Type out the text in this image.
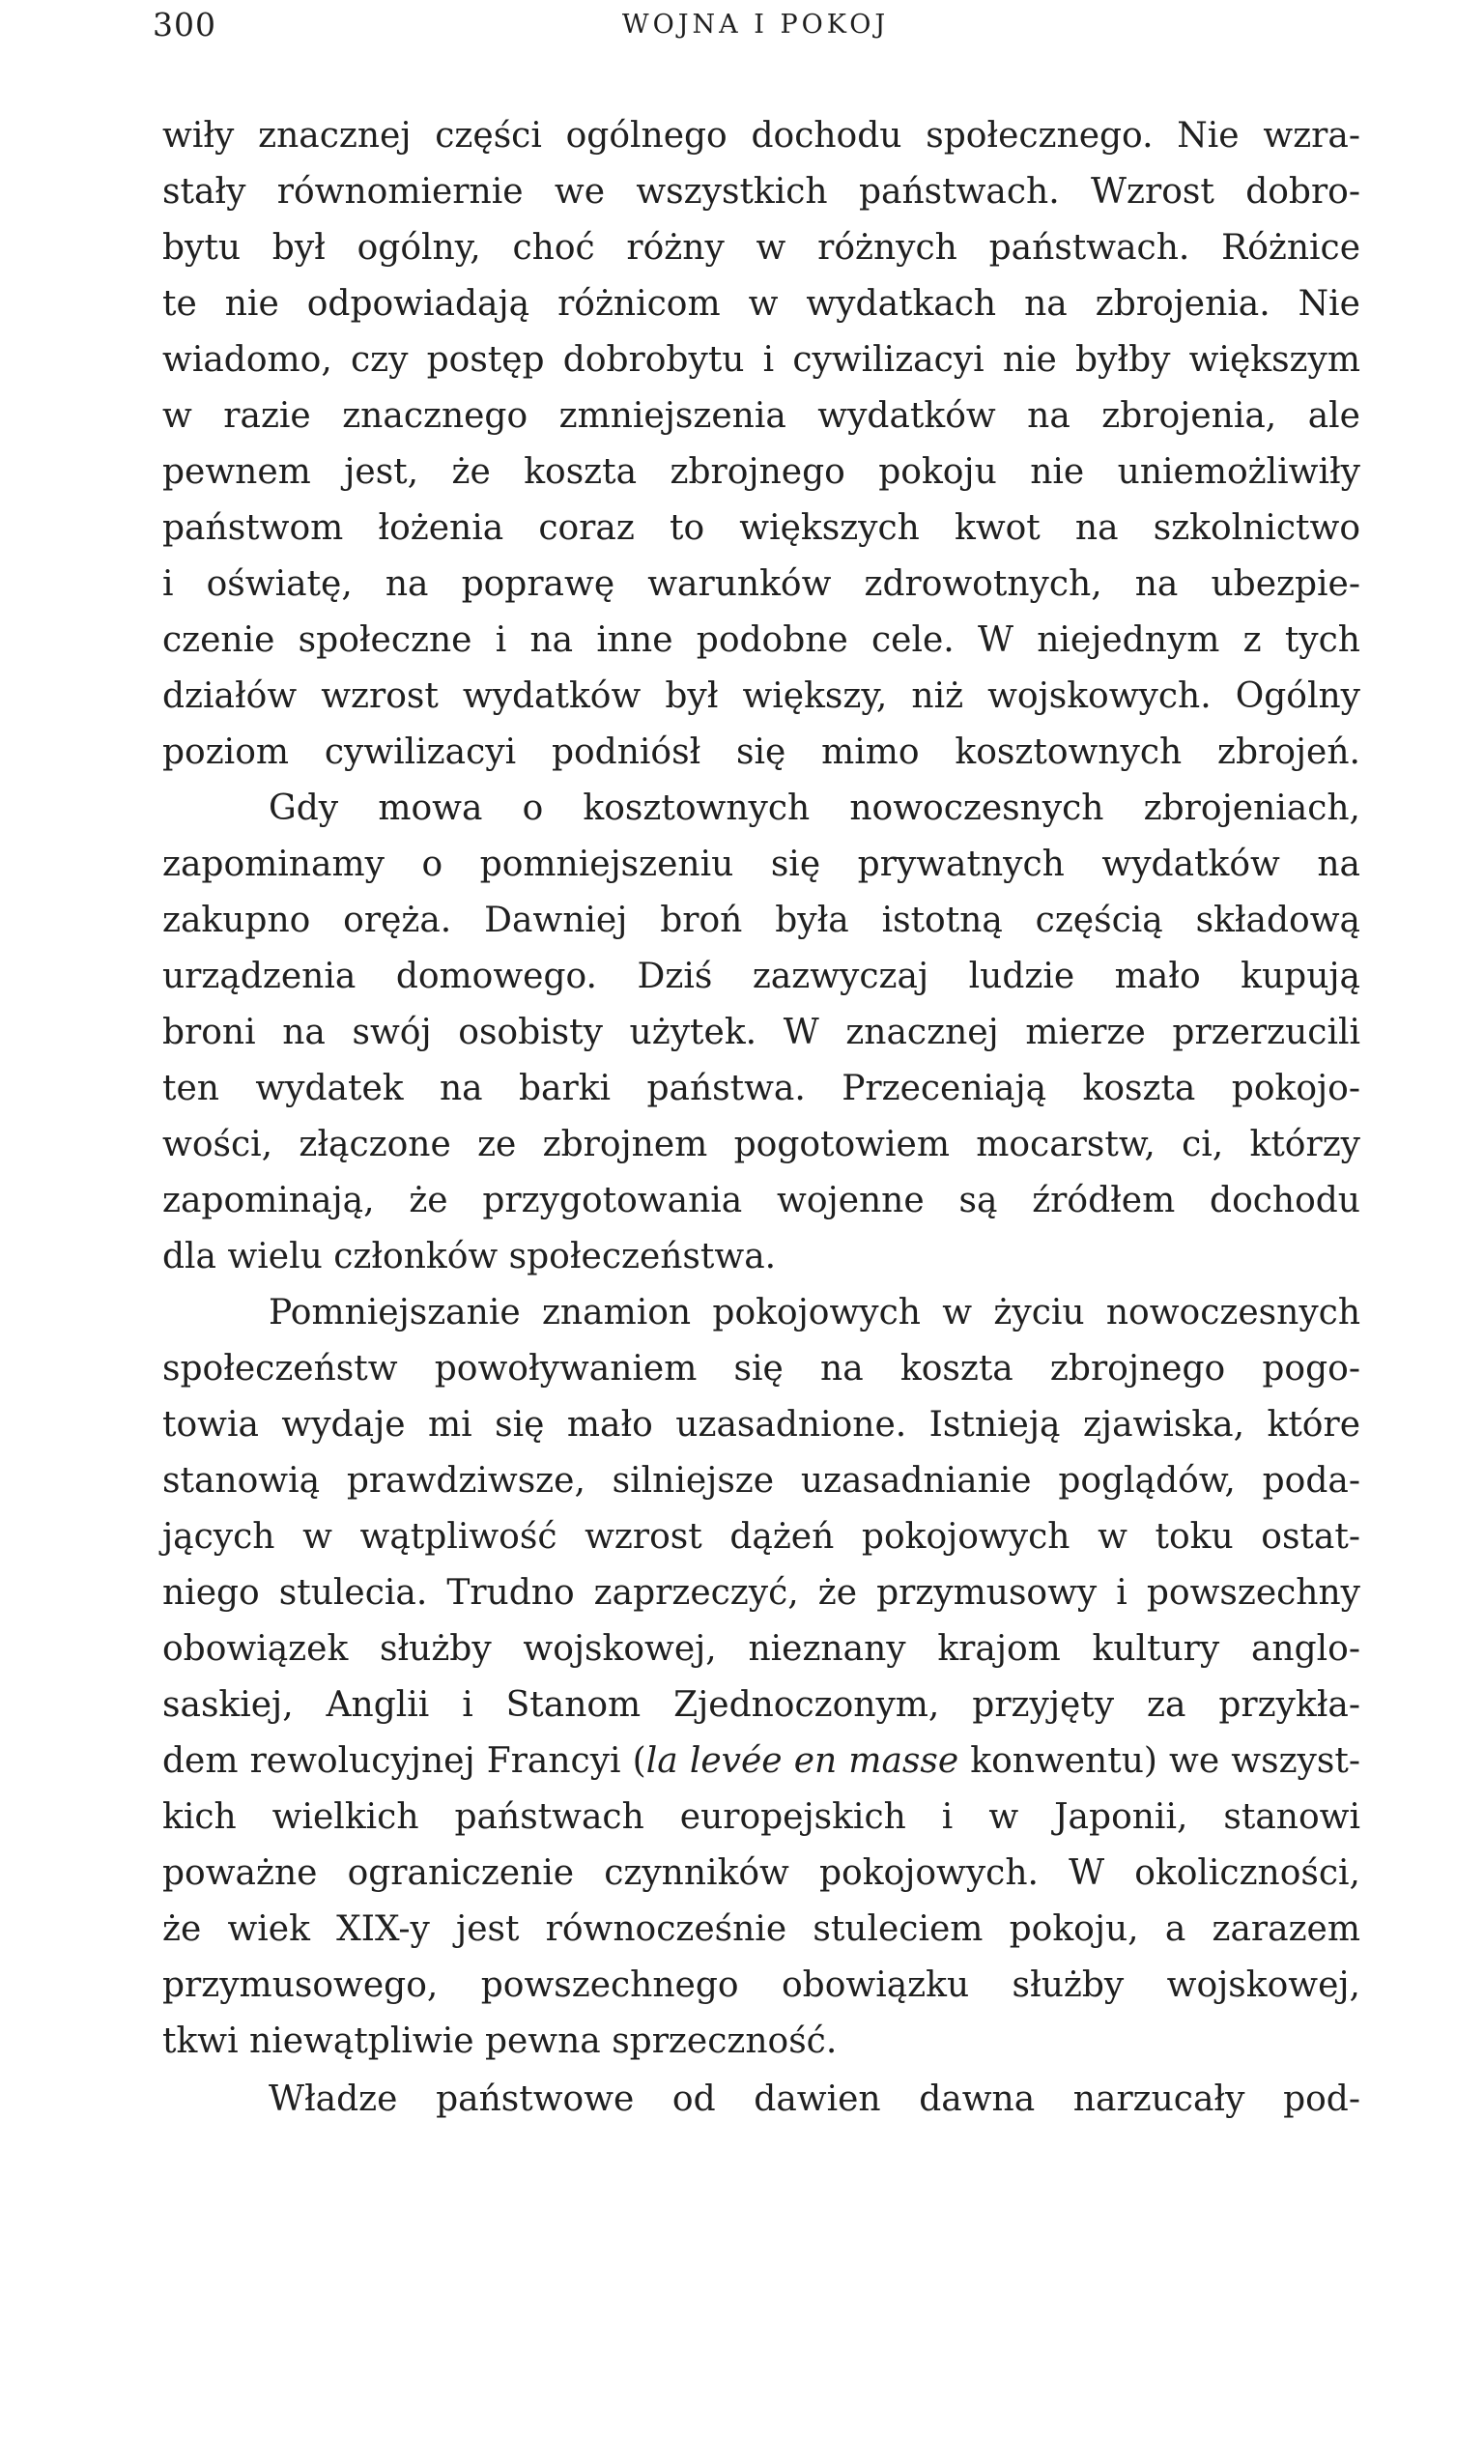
300	WOJNA I POKOJ
wiły znacznej części ogólnego dochodu społecznego. Nie wzra-
stały równomiernie we wszystkich państwach. Wzrost dobro-
bytu był ogólny, choć różny w różnych państwach. Różnice
te nie odpowiadają różnicom w wydatkach na zbrojenia. Nie
wiadomo, czy postęp dobrobytu i cywilizacyi nie byłby większym
w razie znacznego zmniejszenia wydatków na zbrojenia, ale
pewnem jest, że koszta zbrojnego pokoju nie uniemożliwiły
państwom łożenia coraz to większych kwot na szkolnictwo
i oświatę, na poprawę warunków zdrowotnych, na ubezpie-
czenie społeczne i na inne podobne cele. W niejednym z tych
działów wzrost wydatków był większy, niż wojskowych. Ogólny
poziom cywilizacyi podniósł się mimo kosztownych zbrojeń.
Gdy mowa o kosztownych nowoczesnych zbrojeniach,
zapominamy o pomniejszeniu się prywatnych wydatków na
zakupno oręża. Dawniej broń była istotną częścią składową
urządzenia domowego. Dziś zazwyczaj ludzie mało kupują
broni na swój osobisty użytek. W znacznej mierze przerzucili
ten wydatek na barki państwa. Przeceniają koszta pokojo-
wości, złączone ze zbrojnem pogotowiem mocarstw, ci, którzy
zapominają, że przygotowania wojenne są źródłem dochodu
dla wielu członków społeczeństwa.
Pomniejszanie znamion pokojowych w życiu nowoczesnych
społeczeństw powoływaniem się na koszta zbrojnego pogo-
towia wydaje mi się mało uzasadnione. Istnieją zjawiska, które
stanowią prawdziwsze, silniejsze uzasadnianie poglądów, poda-
jących w wątpliwość wzrost dążeń pokojowych w toku ostat-
niego stulecia. Trudno zaprzeczyć, że przymusowy i powszechny
obowiązek służby wojskowej, nieznany krajom kultury anglo-
saskiej, Anglii i Stanom Zjednoczonym, przyjęty za przykła-
dem rewolucyjnej Francyi (la levée en masse konwentu) we wszyst-
kich wielkich państwach europejskich i w Japonii, stanowi
poważne ograniczenie czynników pokojowych. W okoliczności,
że wiek XIX-y jest równocześnie stuleciem pokoju, a zarazem
przymusowego, powszechnego obowiązku służby wojskowej,
tkwi niewątpliwie pewna sprzeczność.
Władze państwowe od dawien dawna narzucały pod-
